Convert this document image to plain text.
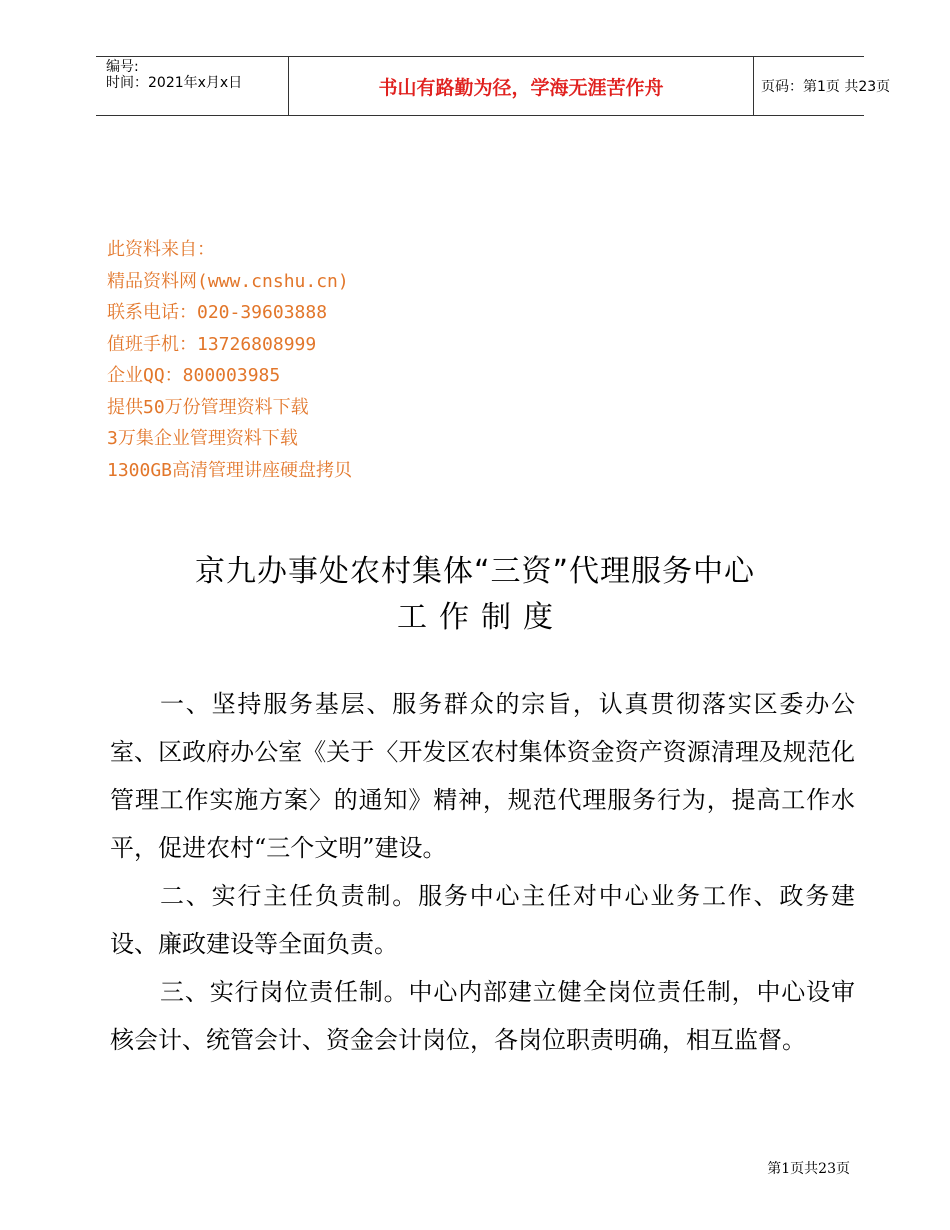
编号:
时间：2021年x月x日	书山有路勤为径，学海无涯苦作舟	页码：第1页 共23页
此资料来自：
精品资料网(www.cnshu.cn)
联系电话：020-39603888
值班手机：13726808999
企业QQ：800003985
提供50万份管理资料下载
3万集企业管理资料下载
1300GB高清管理讲座硬盘拷贝
京九办事处农村集体“三资”代理服务中心
工作制度

一、坚持服务基层、服务群众的宗旨，认真贯彻落实区委办公室、区政府办公室《关于〈开发区农村集体资金资产资源清理及规范化管理工作实施方案〉的通知》精神，规范代理服务行为，提高工作水平，促进农村“三个文明”建设。

二、实行主任负责制。服务中心主任对中心业务工作、政务建设、廉政建设等全面负责。

三、实行岗位责任制。中心内部建立健全岗位责任制，中心设审核会计、统管会计、资金会计岗位，各岗位职责明确，相互监督。

第1页共23页
